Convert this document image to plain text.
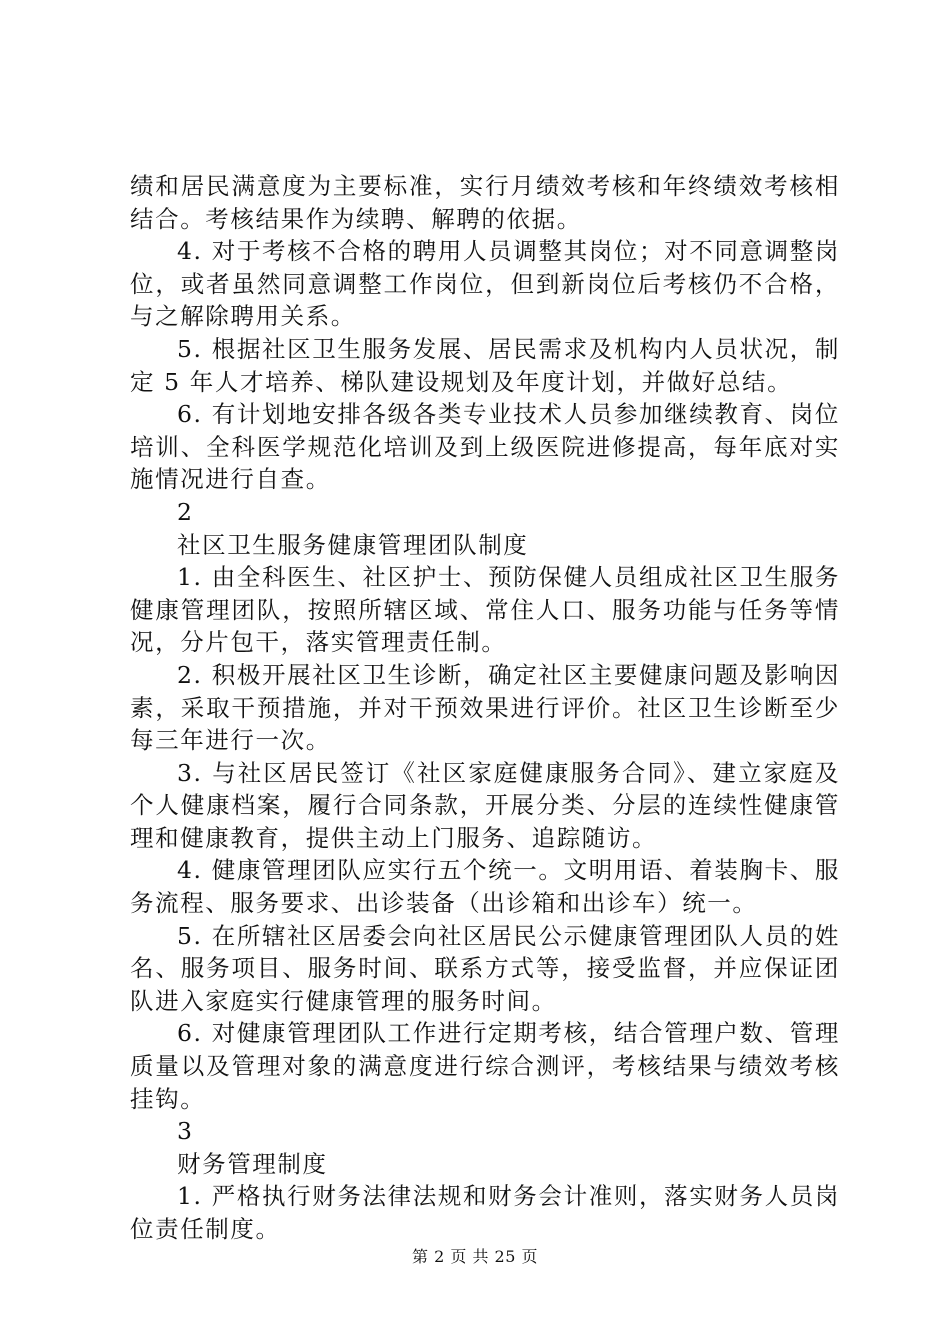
绩和居民满意度为主要标准，实行月绩效考核和年终绩效考核相结合。考核结果作为续聘、解聘的依据。

4. 对于考核不合格的聘用人员调整其岗位；对不同意调整岗位，或者虽然同意调整工作岗位，但到新岗位后考核仍不合格，与之解除聘用关系。

5. 根据社区卫生服务发展、居民需求及机构内人员状况，制定 5 年人才培养、梯队建设规划及年度计划，并做好总结。

6. 有计划地安排各级各类专业技术人员参加继续教育、岗位培训、全科医学规范化培训及到上级医院进修提高，每年底对实施情况进行自查。

2

社区卫生服务健康管理团队制度

1. 由全科医生、社区护士、预防保健人员组成社区卫生服务健康管理团队，按照所辖区域、常住人口、服务功能与任务等情况，分片包干，落实管理责任制。

2. 积极开展社区卫生诊断，确定社区主要健康问题及影响因素，采取干预措施，并对干预效果进行评价。社区卫生诊断至少每三年进行一次。

3. 与社区居民签订《社区家庭健康服务合同》、建立家庭及个人健康档案，履行合同条款，开展分类、分层的连续性健康管理和健康教育，提供主动上门服务、追踪随访。

4. 健康管理团队应实行五个统一。文明用语、着装胸卡、服务流程、服务要求、出诊装备（出诊箱和出诊车）统一。

5. 在所辖社区居委会向社区居民公示健康管理团队人员的姓名、服务项目、服务时间、联系方式等，接受监督，并应保证团队进入家庭实行健康管理的服务时间。

6. 对健康管理团队工作进行定期考核，结合管理户数、管理质量以及管理对象的满意度进行综合测评，考核结果与绩效考核挂钩。

3

财务管理制度

1. 严格执行财务法律法规和财务会计准则，落实财务人员岗位责任制度。

第 2 页 共 25 页
